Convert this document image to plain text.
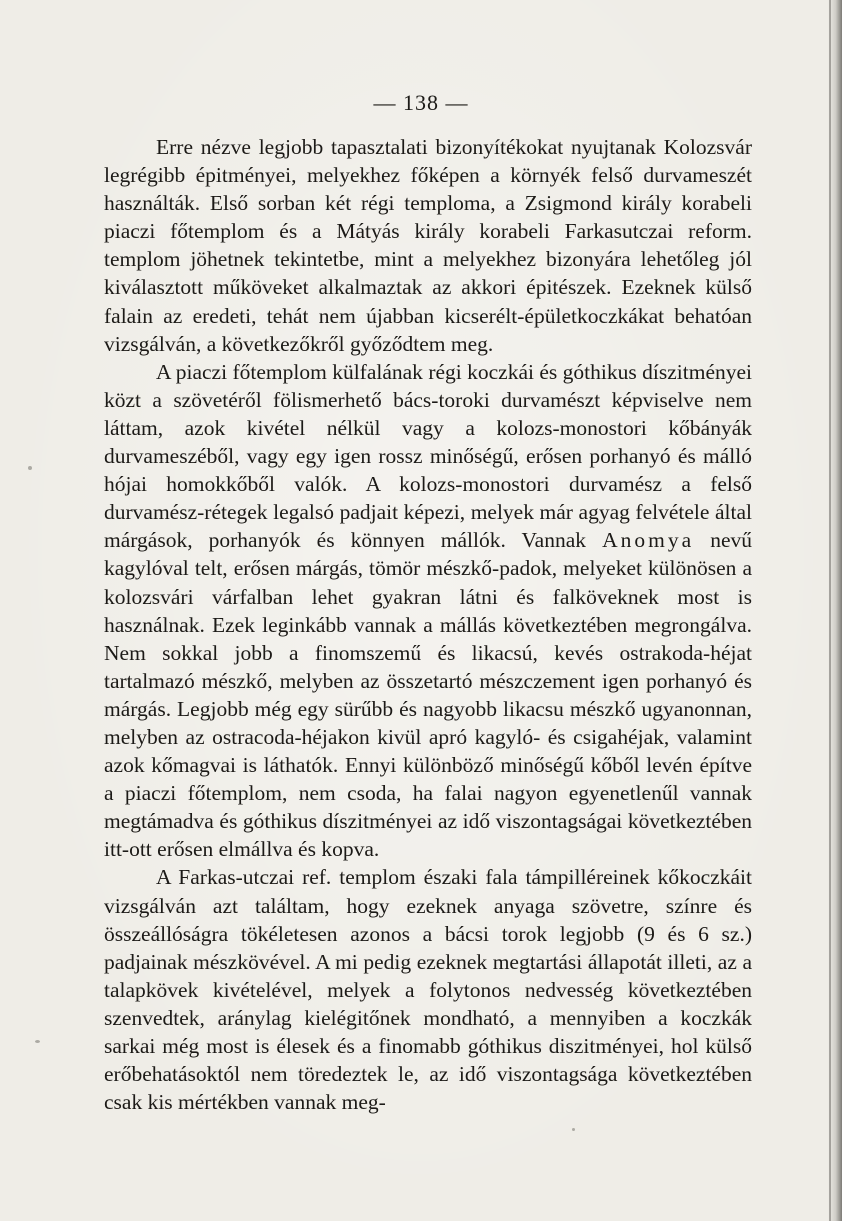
— 138 —

Erre nézve legjobb tapasztalati bizonyítékokat nyujtanak Kolozsvár legrégibb épitményei, melyekhez főképen a környék felső durvameszét használták. Első sorban két régi temploma, a Zsigmond király korabeli piaczi főtemplom és a Mátyás király korabeli Farkasutczai reform. templom jöhetnek tekintetbe, mint a melyekhez bizonyára lehetőleg jól kiválasztott műköveket alkalmaztak az akkori épitészek. Ezeknek külső falain az eredeti, tehát nem újabban kicserélt-épületkoczkákat behatóan vizsgálván, a következőkről győződtem meg.

A piaczi főtemplom külfalának régi koczkái és góthikus díszitményei közt a szövetéről fölismerhető bács-toroki durvamészt képviselve nem láttam, azok kivétel nélkül vagy a kolozs-monostori kőbányák durvameszéből, vagy egy igen rossz minőségű, erősen porhanyó és málló hójai homokkőből valók. A kolozs-monostori durvamész a felső durvamész-rétegek legalsó padjait képezi, melyek már agyag felvétele által márgások, porhanyók és könnyen mállók. Vannak Anomya nevű kagylóval telt, erősen márgás, tömör mészkő-padok, melyeket különösen a kolozsvári várfalban lehet gyakran látni és falköveknek most is használnak. Ezek leginkább vannak a mállás következtében megrongálva. Nem sokkal jobb a finomszemű és likacsú, kevés ostrakoda-héjat tartalmazó mészkő, melyben az összetartó mészczement igen porhanyó és márgás. Legjobb még egy sürűbb és nagyobb likacsu mészkő ugyanonnan, melyben az ostracoda-héjakon kivül apró kagyló- és csigahéjak, valamint azok kőmagvai is láthatók. Ennyi különböző minőségű kőből levén építve a piaczi főtemplom, nem csoda, ha falai nagyon egyenetlenűl vannak megtámadva és góthikus díszitményei az idő viszontagságai következtében itt-ott erősen elmállva és kopva.

A Farkas-utczai ref. templom északi fala támpilléreinek kőkoczkáit vizsgálván azt találtam, hogy ezeknek anyaga szövetre, színre és összeállóságra tökéletesen azonos a bácsi torok legjobb (9 és 6 sz.) padjainak mészkövével. A mi pedig ezeknek megtartási állapotát illeti, az a talapkövek kivételével, melyek a folytonos nedvesség következtében szenvedtek, aránylag kielégitőnek mondható, a mennyiben a koczkák sarkai még most is élesek és a finomabb góthikus diszitményei, hol külső erőbehatásoktól nem töredeztek le, az idő viszontagsága következtében csak kis mértékben vannak meg-
